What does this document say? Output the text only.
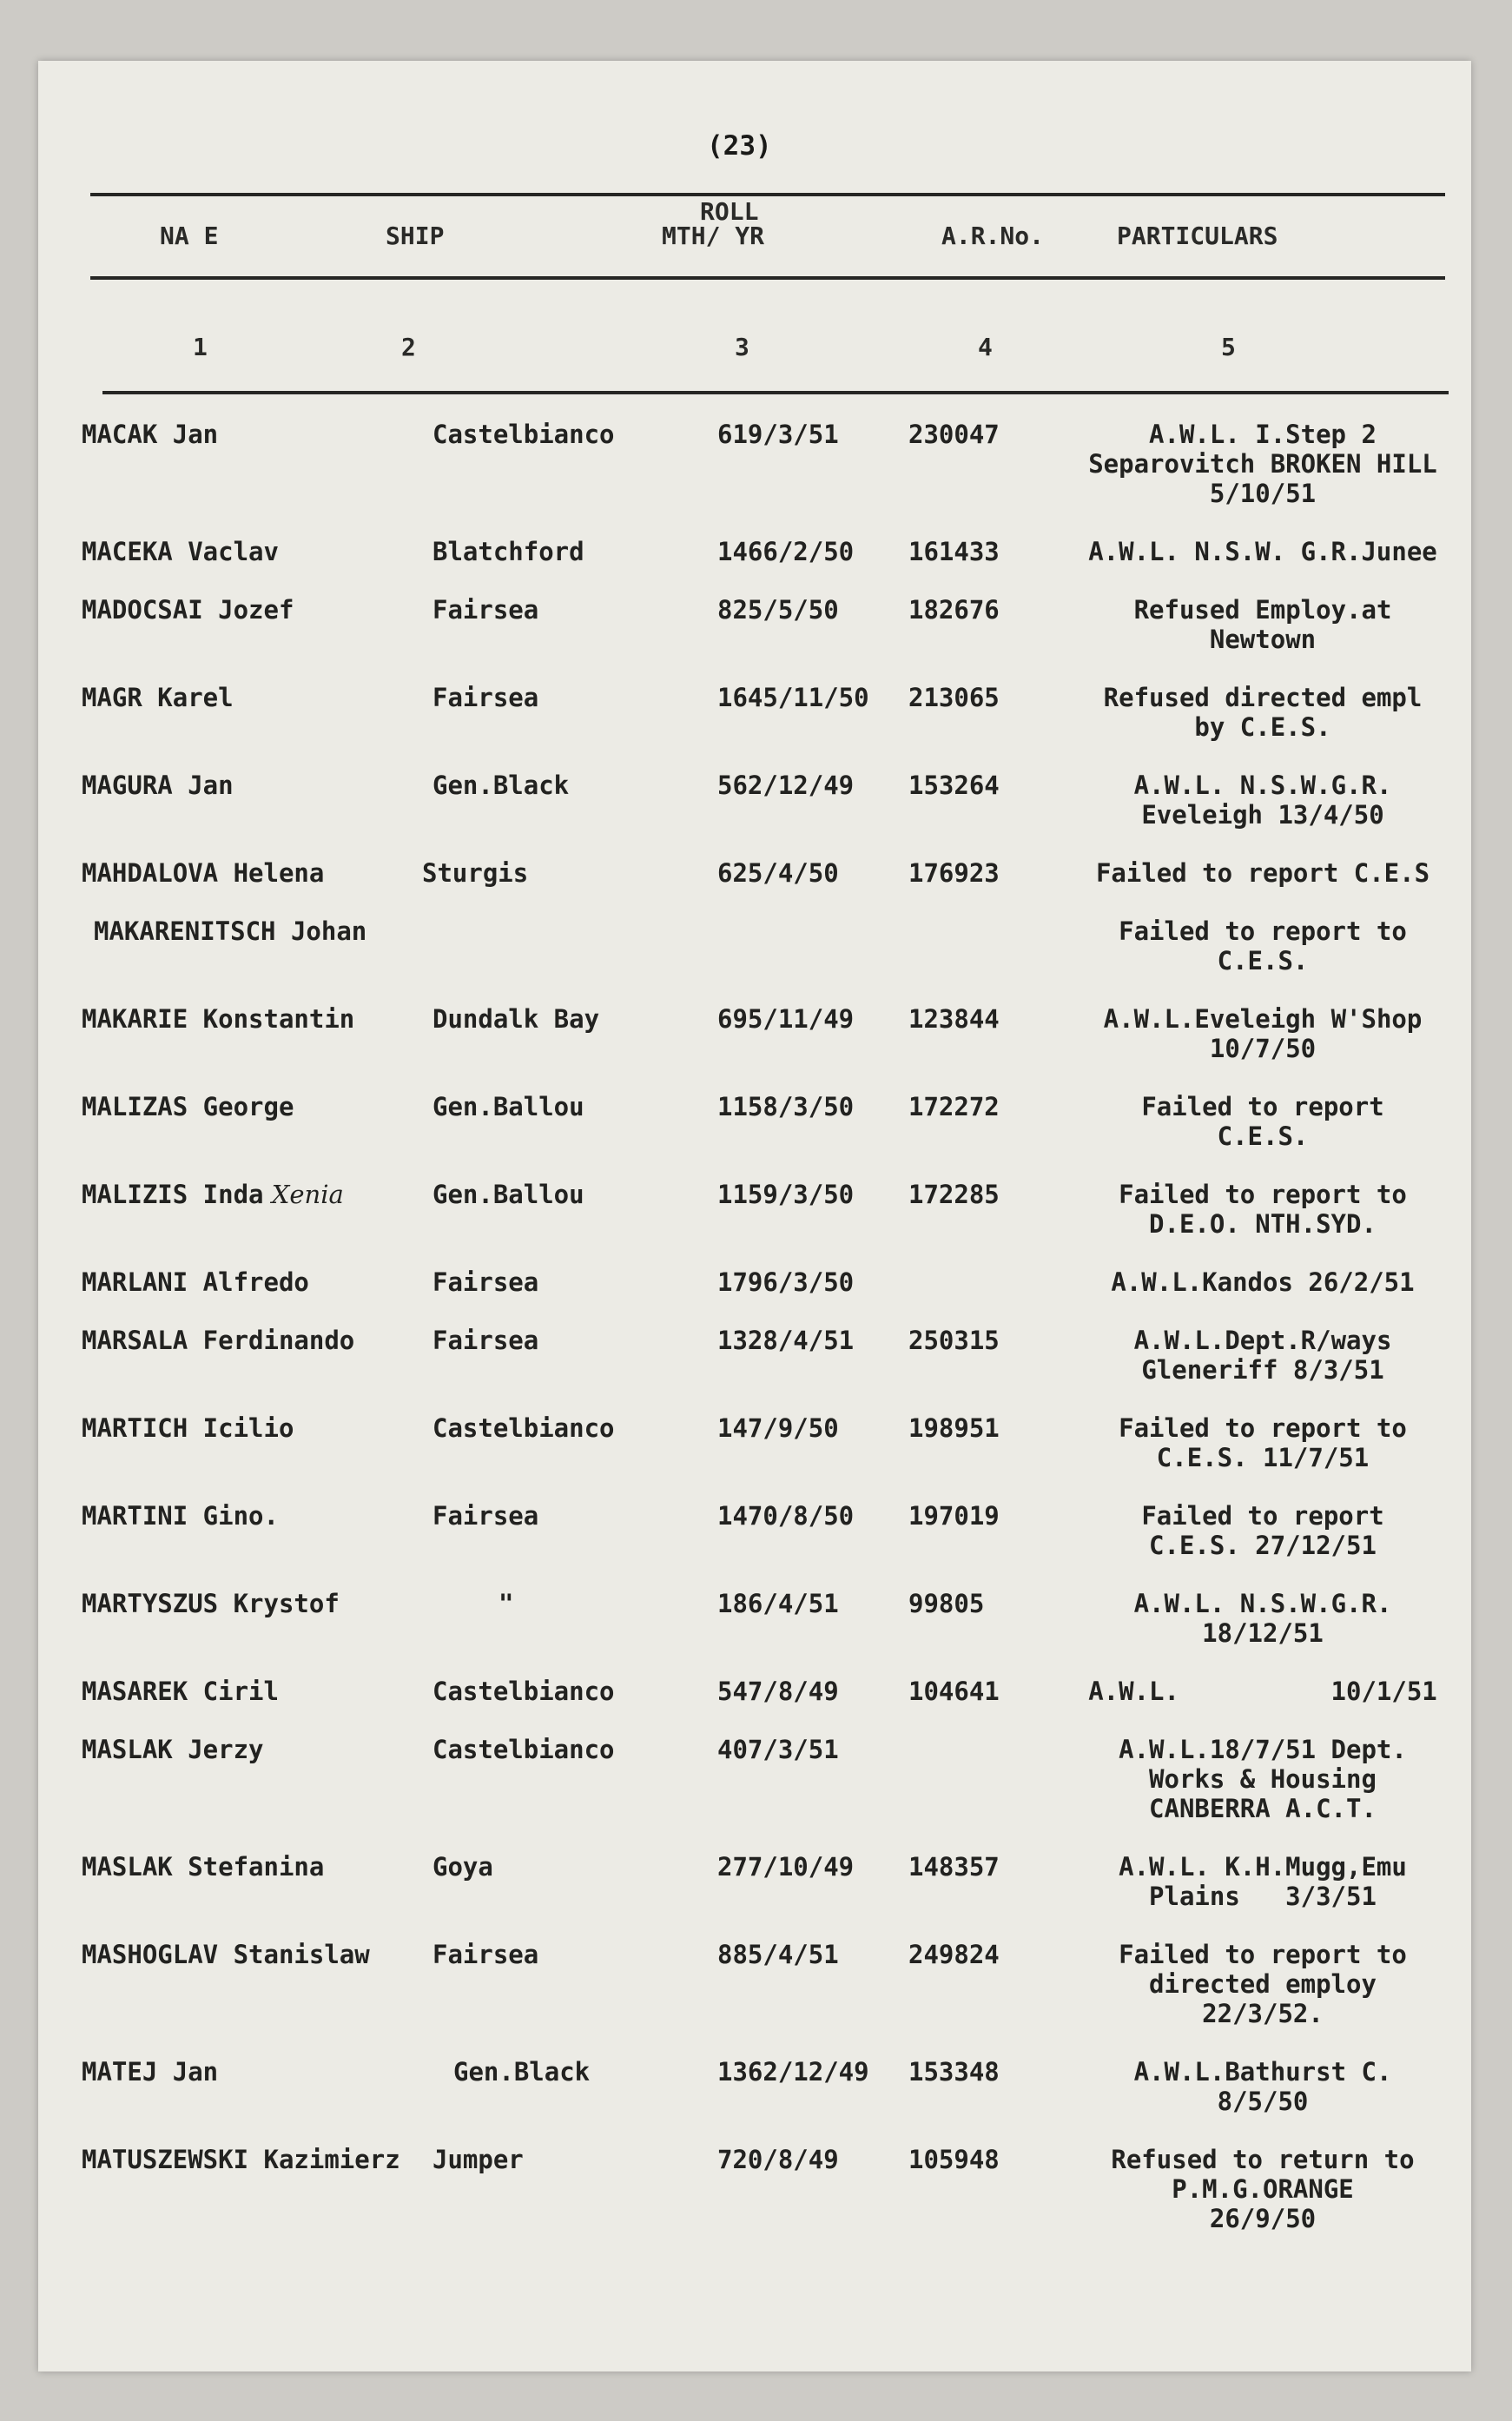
(23)
NA E	SHIP
ROLL
MTH/ YR	A.R.No.	PARTICULARS
1	2	3	4	5
MACAK Jan	Castelbianco	619/3/51	230047	A.W.L. I.Step 2
Separovitch BROKEN HILL
5/10/51
MACEKA Vaclav	Blatchford	1466/2/50 161433	A.W.L. N.S.W. G.R.Junee
MADOCSAI Jozef	Fairsea	825/5/50	182676	Refused Employ.at
Newtown
MAGR Karel	Fairsea	1645/11/50 213065	Refused directed empl
by C.E.S.
MAGURA Jan	Gen.Black	562/12/49 153264	A.W.L. N.S.W.G.R.
Eveleigh 13/4/50
MAHDALOVA Helena	Sturgis	625/4/50	176923	Failed to report C.E.S
MAKARENITSCH Johan	Failed to report to
C.E.S.
MAKARIE Konstantin	Dundalk Bay	695/11/49 123844	A.W.L.Eveleigh W'Shop
10/7/50
MALIZAS George	Gen.Ballou	1158/3/50 172272	Failed to report
C.E.S.
MALIZIS Inda Xenia	Gen.Ballou	1159/3/50 172285	Failed to report to
D.E.O. NTH.SYD.
MARLANI Alfredo	Fairsea	1796/3/50	A.W.L.Kandos 26/2/51
MARSALA Ferdinando	Fairsea	1328/4/51 250315	A.W.L.Dept.R/ways
Gleneriff 8/3/51
MARTICH Icilio	Castelbianco	147/9/50	198951	Failed to report to
C.E.S. 11/7/51
MARTINI Gino.	Fairsea	1470/8/50 197019	Failed to report
C.E.S. 27/12/51
MARTYSZUS Krystof	"	186/4/51	99805	A.W.L. N.S.W.G.R.
18/12/51
MASAREK Ciril	Castelbianco	547/8/49	104641	A.W.L.          10/1/51
MASLAK Jerzy	Castelbianco	407/3/51	A.W.L.18/7/51 Dept.
Works & Housing
CANBERRA A.C.T.
MASLAK Stefanina	Goya	277/10/49 148357	A.W.L. K.H.Mugg,Emu
Plains   3/3/51
MASHOGLAV Stanislaw Fairsea	885/4/51	249824	Failed to report to
directed employ
22/3/52.
MATEJ Jan	Gen.Black	1362/12/49 153348	A.W.L.Bathurst C.
8/5/50
MATUSZEWSKI Kazimierz Jumper	720/8/49	105948	Refused to return to
P.M.G.ORANGE
26/9/50
